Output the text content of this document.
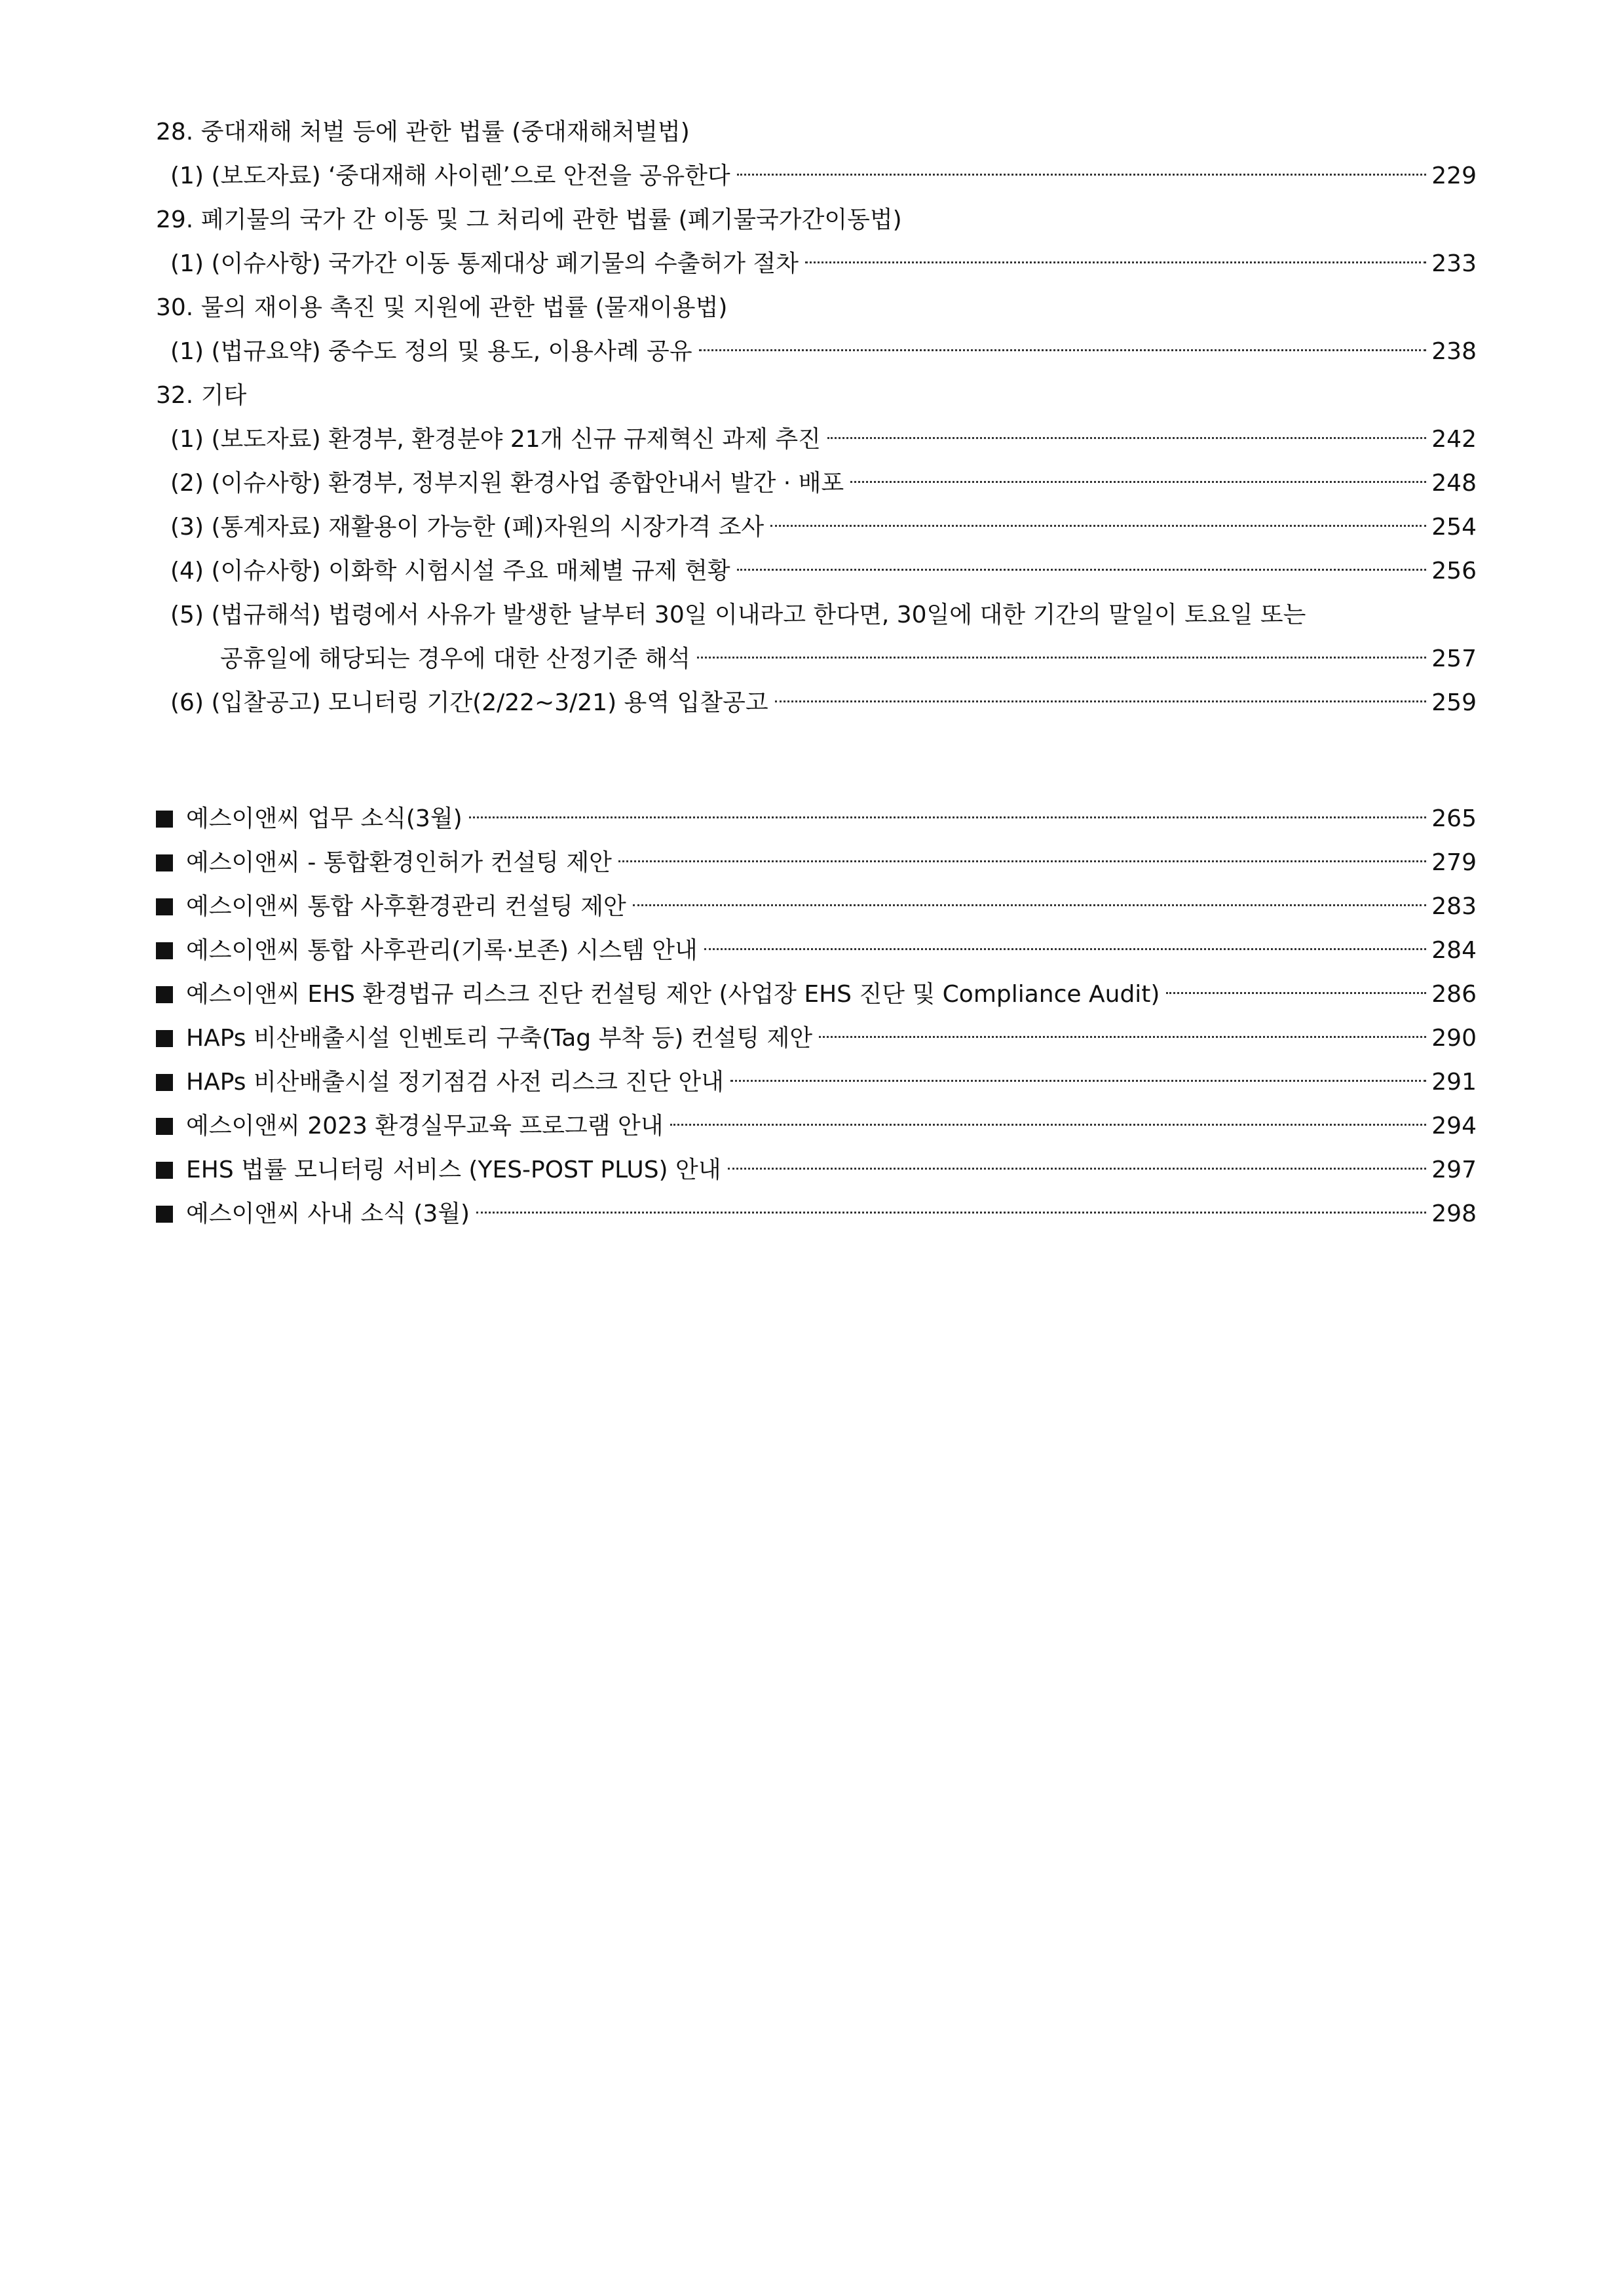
28. 중대재해 처벌 등에 관한 법률 (중대재해처벌법)
(1) (보도자료) ‘중대재해 사이렌’으로 안전을 공유한다	229
29. 폐기물의 국가 간 이동 및 그 처리에 관한 법률 (폐기물국가간이동법)
(1) (이슈사항) 국가간 이동 통제대상 폐기물의 수출허가 절차	233
30. 물의 재이용 촉진 및 지원에 관한 법률 (물재이용법)
(1) (법규요약) 중수도 정의 및 용도, 이용사례 공유	238
32. 기타
(1) (보도자료) 환경부, 환경분야 21개 신규 규제혁신 과제 추진	242
(2) (이슈사항) 환경부, 정부지원 환경사업 종합안내서 발간 · 배포	248
(3) (통계자료) 재활용이 가능한 (폐)자원의 시장가격 조사	254
(4) (이슈사항) 이화학 시험시설 주요 매체별 규제 현황	256
(5) (법규해석) 법령에서 사유가 발생한 날부터 30일 이내라고 한다면, 30일에 대한 기간의 말일이 토요일 또는
공휴일에 해당되는 경우에 대한 산정기준 해석	257
(6) (입찰공고) 모니터링 기간(2/22~3/21) 용역 입찰공고	259
예스이앤씨 업무 소식(3월)	265
예스이앤씨 - 통합환경인허가 컨설팅 제안	279
예스이앤씨 통합 사후환경관리 컨설팅 제안	283
예스이앤씨 통합 사후관리(기록·보존) 시스템 안내	284
예스이앤씨 EHS 환경법규 리스크 진단 컨설팅 제안 (사업장 EHS 진단 및 Compliance Audit)	286
HAPs 비산배출시설 인벤토리 구축(Tag 부착 등) 컨설팅 제안	290
HAPs 비산배출시설 정기점검 사전 리스크 진단 안내	291
예스이앤씨 2023 환경실무교육 프로그램 안내	294
EHS 법률 모니터링 서비스 (YES-POST PLUS) 안내	297
예스이앤씨 사내 소식 (3월)	298
